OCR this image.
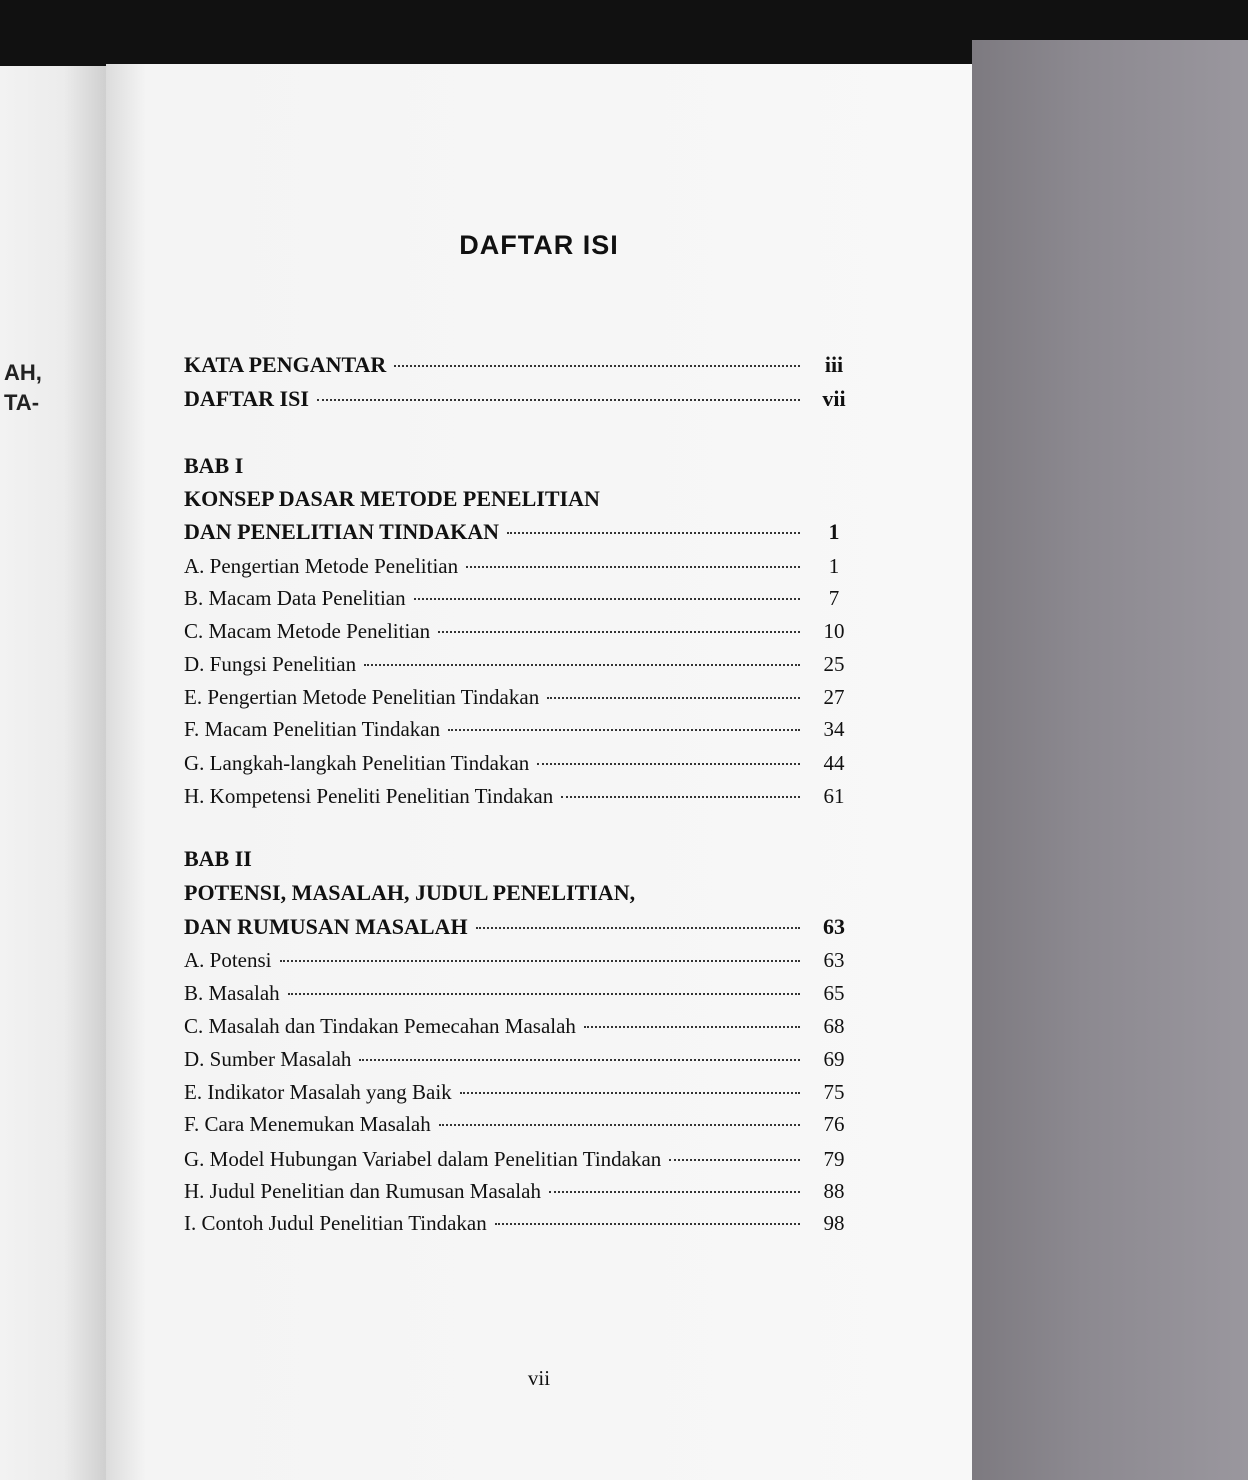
AH,
TA-
DAFTAR ISI
KATA PENGANTAR	iii
DAFTAR ISI	vii
BAB I
KONSEP DASAR METODE PENELITIAN
DAN PENELITIAN TINDAKAN	1
A. Pengertian Metode Penelitian	1
B. Macam Data Penelitian	7
C. Macam Metode Penelitian	10
D. Fungsi Penelitian	25
E. Pengertian Metode Penelitian Tindakan	27
F. Macam Penelitian Tindakan	34
G. Langkah-langkah Penelitian Tindakan	44
H. Kompetensi Peneliti Penelitian Tindakan	61
BAB II
POTENSI, MASALAH, JUDUL PENELITIAN,
DAN RUMUSAN MASALAH	63
A. Potensi	63
B. Masalah	65
C. Masalah dan Tindakan Pemecahan Masalah	68
D. Sumber Masalah	69
E. Indikator Masalah yang Baik	75
F. Cara Menemukan Masalah	76
G. Model Hubungan Variabel dalam Penelitian Tindakan	79
H. Judul Penelitian dan Rumusan Masalah	88
I. Contoh Judul Penelitian Tindakan	98
vii
